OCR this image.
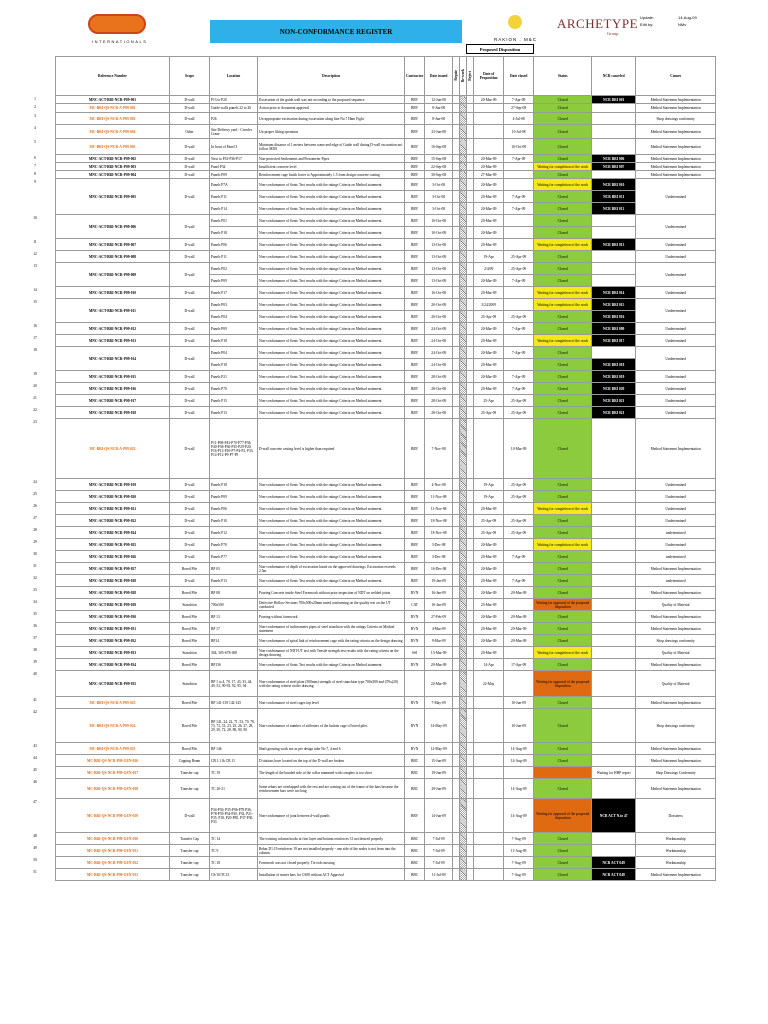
INTERNATIONALS
NON-CONFORMANCE REGISTER
RAKION . M&C
ARCHETYPE
Group
Update:	14-Aug-09
Edit by:	NMv
Proposed Disposition
Reference Number	Scope	Location	Description	Contractor	Date issued	Repair	Re-work	Reject	Date of Proposition	Date closed	Status	NCR canceled	Causes
MNC-ACT-BRI-NCR-P09-001	D-wall	P13 to P20	Excavation of the guide wall was not according to the proposed sequence	BRV	12-Jun-08				20-Mar-09	7-Apr-09	Closed	NCR BRI 001	Method Statement Implementation
MC-BRI-QS-NCR-A-P09-002	D-wall	Guide walls panels 22 to 26	Action prior to document approval	BRV	8-Jun-08					27-Sep-08	Closed		Method Statement Implementation
MC-BRI-QS-NCR-A-P09-003	D-wall	P26	Un-appropriate excavation during excavation along line No.7 Ham Fight	BRV	8-Jun-08					4-Jul-08	Closed		Shop drawings conformity
MC-BRI-QS-NCR-A-P09-004	Other	Site Delivery yard - Crawler Crane	Un-proper lifting operation	BRV	23-Jun-08					10-Jul-08	Closed		Method Statement Implementation
MC-BRI-QS-NCR-A-P09-005	D-wall	In front of Panel 3	Minimum distance of 1 meters between crane and edge of Guide wall during D-wall excavation not follow MDS	BRV	16-Sep-08					10-Oct-08	Closed		Method Statement Implementation
MNC-ACT-BRI-NCR-P09-002	D-wall	Next to P33-P36-P17	Non-protected Settlements and Piezometer Pipes	BRV	15-Sep-08				20-Mar-09	7-Apr-09	Closed	NCR BRI 006	Method Statement Implementation
MNC-ACT-BRI-NCR-P09-003	D-wall	Panel P34	Insufficient concrete level	BRV	22-Sep-08				20-Mar-09		Waiting for completion of the work	NCR BRI 007	Method Statement Implementation
MNC-ACT-BRI-NCR-P09-004	D-wall	Panels P09	Reinforcement cage finish lower to Approximately 1.5 from design concrete casting	BRV	30-Sep-08				27-Mar-09		Closed		Method Statement Implementation
MNC-ACT-BRI-NCR-P09-005	D-wall	Panels P7A	Non-conformance of Sonic Test results with the ratings Criteria on Method statement	BRV	3-Oct-08				20-Mar-09		Waiting for completion of the work	NCR BRI 010	Undetermined
		Panels P11	Non-conformance of Sonic Test results with the ratings Criteria on Method statement	BRV	3-Oct-08				20-Mar-09	7-Apr-09	Closed	NCR BRI 011	
		Panels P14	Non-conformance of Sonic Test results with the ratings Criteria on Method statement	BRV	3-Oct-08				20-Mar-09	7-Apr-09	Closed	NCR BRI 012	
MNC-ACT-BRI-NCR-P09-006	D-wall	Panels P01	Non-conformance of Sonic Test results with the ratings Criteria on Method statement	BRV	10-Oct-08				20-Mar-09		Closed		Undetermined
		Panels P18	Non-conformance of Sonic Test results with the ratings Criteria on Method statement	BRV	10-Oct-08				20-Mar-09		Closed		
MNC-ACT-BRI-NCR-P09-007	D-wall	Panels P06	Non-conformance of Sonic Test results with the ratings Criteria on Method statement	BRV	13-Oct-08				20-Mar-09		Waiting for completion of the work	NCR BRI 013	Undetermined
MNC-ACT-BRI-NCR-P09-008	D-wall	Panels P11	Non-conformance of Sonic Test results with the ratings Criteria on Method statement	BRV	13-Oct-08				19-Apr	25-Apr-09	Closed		Undetermined
MNC-ACT-BRI-NCR-P09-009	D-wall	Panels P02	Non-conformance of Sonic Test results with the ratings Criteria on Method statement	BRV	13-Oct-08				2/4/09	25-Apr-09	Closed		Undetermined
		Panels P09	Non-conformance of Sonic Test results with the ratings Criteria on Method statement	BRV	13-Oct-08				20-Mar-09	7-Apr-09	Closed		
MNC-ACT-BRI-NCR-P09-010	D-wall	Panels P17	Non-conformance of Sonic Test results with the ratings Criteria on Method statement	BRV	16-Oct-08				20-Mar-09		Waiting for completion of the work	NCR BRI 014	Undetermined
MNC-ACT-BRI-NCR-P09-011	D-wall	Panels P03	Non-conformance of Sonic Test results with the ratings Criteria on Method statement	BRV	20-Oct-08				3/24/2009		Waiting for completion of the work	NCR BRI 015	Undetermined
		Panels P04	Non-conformance of Sonic Test results with the ratings Criteria on Method statement	BRV	20-Oct-08				25-Apr-09	25-Apr-09	Closed	NCR BRI 016	
MNC-ACT-BRI-NCR-P09-012	D-wall	Panels P09	Non-conformance of Sonic Test results with the ratings Criteria on Method statement	BRV	24-Oct-08				20-Mar-09	7-Apr-09	Closed	NCR BRI 009	Undetermined
MNC-ACT-BRI-NCR-P09-013	D-wall	Panels P18	Non-conformance of Sonic Test results with the ratings Criteria on Method statement	BRV	24-Oct-08				20-Mar-09		Waiting for completion of the work	NCR BRI 017	Undetermined
MNC-ACT-BRI-NCR-P09-014	D-wall	Panels P04	Non-conformance of Sonic Test results with the ratings Criteria on Method statement	BRV	24-Oct-08				20-Mar-09	7-Apr-09	Closed		Undetermined
		Panels P18	Non-conformance of Sonic Test results with the ratings Criteria on Method statement	BRV	24-Oct-08				20-Mar-09		Closed	NCR BRI 018	
MNC-ACT-BRI-NCR-P09-015	D-wall	Panels P21	Non-conformance of Sonic Test results with the ratings Criteria on Method statement	BRV	28-Oct-08				20-Mar-09	7-Apr-09	Closed	NCR BRI 019	Undetermined
MNC-ACT-BRI-NCR-P09-016	D-wall	Panels P70	Non-conformance of Sonic Test results with the ratings Criteria on Method statement	BRV	28-Oct-08				20-Mar-09	7-Apr-09	Closed	NCR BRI 020	Undetermined
MNC-ACT-BRI-NCR-P09-017	D-wall	Panels P15	Non-conformance of Sonic Test results with the ratings Criteria on Method statement	BRV	28-Oct-08				25-Apr	25-Apr-09	Closed	NCR BRI 021	Undetermined
MNC-ACT-BRI-NCR-P09-018	D-wall	Panels P13	Non-conformance of Sonic Test results with the ratings Criteria on Method statement	BRV	28-Oct-08				25-Apr-09	25-Apr-09	Closed	NCR BRI 021	Undetermined
MC-BRI-QS-NCR-A-P09-022	D-wall	P11-P08-P43-P70-P77-P38, P40-P38-P36-P35-P29-P20, P16-P13-P10-P7-P4-P2, P33, P14-P12-P9-P7-P5	D-wall concrete casting level is higher than required	BRV	7-Nov-08					10-Mar-09	Closed		Method Statement Implementation
MNC-ACT-BRI-NCR-P09-019	D-wall	Panels P18	Non-conformance of Sonic Test results with the ratings Criteria on Method statement	BRV	4-Nov-08				19-Apr	25-Apr-09	Closed		Undetermined
MNC-ACT-BRI-NCR-P09-020	D-wall	Panels P09	Non-conformance of Sonic Test results with the ratings Criteria on Method statement	BRV	11-Nov-08				19-Apr	25-Apr-09	Closed		Undetermined
MNC-ACT-BRI-NCR-P09-021	D-wall	Panels P06	Non-conformance of Sonic Test results with the ratings Criteria on Method statement	BRV	11-Nov-08				20-Mar-09		Waiting for completion of the work		Undetermined
MNC-ACT-BRI-NCR-P09-022	D-wall	Panels P10	Non-conformance of Sonic Test results with the ratings Criteria on Method statement	BRV	18-Nov-08				25-Apr-09	25-Apr-09	Closed		Undetermined
MNC-ACT-BRI-NCR-P09-024	D-wall	Panels P12	Non-conformance of Sonic Test results with the ratings Criteria on Method statement	BRV	18-Nov-08				25-Apr-09	25-Apr-09	Closed		undetermined
MNC-ACT-BRI-NCR-P09-025	D-wall	Panels P70	Non-conformance of Sonic Test results with the ratings Criteria on Method statement	BRV	3-Dec-08				20-Mar-09		Waiting for completion of the work		Undetermined
MNC-ACT-BRI-NCR-P09-026	D-wall	Panels P77	Non-conformance of Sonic Test results with the ratings Criteria on Method statement	BRV	3-Dec-08				20-Mar-09	7-Apr-09	Closed		undetermined
MNC-ACT-BRI-NCR-P09-027	Bored Pile	BP 03	Non-conformance of depth of excavation based on the approved drawings. Excavation exceeds 2.5m	BRV	16-Dec-08				20-Mar-09		Closed		Method Statement Implementation
MNC-ACT-BRI-NCR-P09-028	D-wall	Panels P13	Non-conformance of Sonic Test results with the ratings Criteria on Method statement	BRV	19-Jan-09				20-Mar-09	7-Apr-09	Closed		undetermined
MNC-ACT-BRI-NCR-P09-028	Bored Pile	BP 08	Pouring Concrete inside Steel Formwork without prior inspection of NDT on welded joints	BVN	16-Jan-09				20-Mar-09	20-Mar-09	Closed		Method Statement Implementation
MNC-ACT-BRI-NCR-P09-029	Stanchion	700x500	Defective Hollow Sections 700x500x20mm noted conforming on the quality test on the UT conducted	CAT	16-Jan-09				23-Mar-09		Waiting for approval of the proposed disposition		Quality of Material
MNC-ACT-BRI-NCR-P09-030	Bored Pile	BP 13	Pouring without formwork	BVN	27-Feb-09				20-Mar-09	20-Mar-09	Closed		Method Statement Implementation
MNC-ACT-BRI-NCR-P09-031	Bored Pile	BP 17	Non-conformance of inclinometer pipes of steel stanchion with the ratings Criteria on Method statement	BVN	4-Mar-09				20-Mar-09	20-Mar-09	Closed		Method Statement Implementation
MNC-ACT-BRI-NCR-P09-032	Bored Pile	BP14	Non-conformance of spiral link of reinforcement cage with the rating criteria on the design drawing	BVN	9-Mar-09				20-Mar-09	20-Mar-09	Closed		Shop drawings conformity
MNC-ACT-BRI-NCR-P09-033	Stanchion	304, 305-S78-308	Non-conformance of NDT-UT test with Tensile strength test results with the rating criteria on the design drawing	SSI	13-Mar-09				20-Mar-09		Waiting for completion of the work		Quality of Material
MNC-ACT-BRI-NCR-P09-034	Bored Pile	BP136	Non-conformance of Sonic Test results with the ratings Criteria on Method statement	BVN	20-Mar-09				14-Apr	17-Apr-09	Closed		Method Statement Implementation
MNC-ACT-BRI-NCR-P09-035	Stanchion	BP 1 to 4, 70, 17, 43, 33, 44, 49, 52, 90-93, 92, 95, 94	Non-conformance of steel plate (500mm) strength of steel stanchion type 700x500 and 470x(20) with the rating criteria on the drawing		24-Mar-09				22-May		Waiting for approval of the proposed disposition		Quality of Material
MC-BRI-QS-NCR-A-P09-023	Bored Pile	BP 141-139 142-145	Non-conformance of steel cages top level	BVN	7-May-09					10-Jun-09	Closed		Method Statement Implementation
MC-BRI-QS-NCR-A-P09-024	Bored Pile	BP 141, 24, 22, 71, 52, 70, 78, 73, 72, 31, 23, 25, 26, 27, 28, 29, 30, 72, 28, 88, 90, 90	Non-conformance of number of stiffeners of the bottom cage of bored piles	BVN	14-May-09					10-Jun-09	Closed		Shop drawings conformity
MC-BRI-QS-NCR-A-P09-025	Bored Pile	BP 146	Shaft grouting work not as per design tube No 7, 4 and 6	BVN	12-May-09					14-Aug-09	Closed		Method Statement Implementation
MC-BRI-QS-NCR-P09-GEN-026	Capping Beam	CB 1.1 & CB 11	D stations have located on the top of the D-wall are broken	BBC	15-Jun-09					14-Aug-09	Closed		Method Statement Implementation
MC-BRI-QS-NCR-P09-GEN-027	Transfer cap	TC 19	The length of the bonded side of the collar mammed with complex is too short	BBC	19-Jun-09							Waiting for HHP report	Shop Drawings Conformity
MC-BRI-QS-NCR-P09-GEN-028	Transfer cap	TC 20-21	Some rebars are overlapped with the rest and are coming out of the frame of the bars because the reinforcement bars were too long	BBC	29-Jun-09					14-Aug-09	Closed		Method Statement Implementation
MC-BRI-QS-NCR-P09-GEN-029	D-wall	P34-P30, P35-P06-P78 P36, P78-P39-P34-P30, P32, P21-P35, P18, P20-P85, P37-P30, P33	Non-conformance of joint between d-wall panels	BRV	14-Jun-09					14-Aug-09	Waiting for approval of the proposed disposition	NCR ACT N.to 47	Dossiness
MC-BRI-QS-NCR-P09-GEN-030	Transfer Cap	TC 14	The existing column hooks at first layer and bottom reinforces 31 not desired properly	BBC	7-Jul-09					7-Aug-09	Closed		Workmanship
MC-BRI-QS-NCR-P09-GEN-031	Transfer cap	TC 9	Rebar D1.19 reinforcer 19 are not installed properly - one side of the nodes is not from into the column	BBC	7-Jul-09					11-Aug-09	Closed		Workmanship
MC-BRI-QS-NCR-P09-GEN-032	Transfer cap	TC 18	Formwork was not closed properly. Tie rods missing	BBC	7-Jul-09					7-Aug-09	Closed	NCR ACT 049	Workmanship
MC-BRI-QS-NCR-P09-GEN-033	Transfer cap	CS/10/TC13	Installation of starter bars for CS08 without ACT Approval	BBC	11-Jul-09					7-Aug-09	Closed	NCR ACT 048	Method Statement Implementation
1
2
3
4
5
6
7
8
9
10
11
12
13
14
15
16
17
18
19
20
21
22
23
24
25
26
27
28
29
30
31
32
33
34
35
36
37
38
39
40
41
42
43
44
45
46
47
48
49
50
51
